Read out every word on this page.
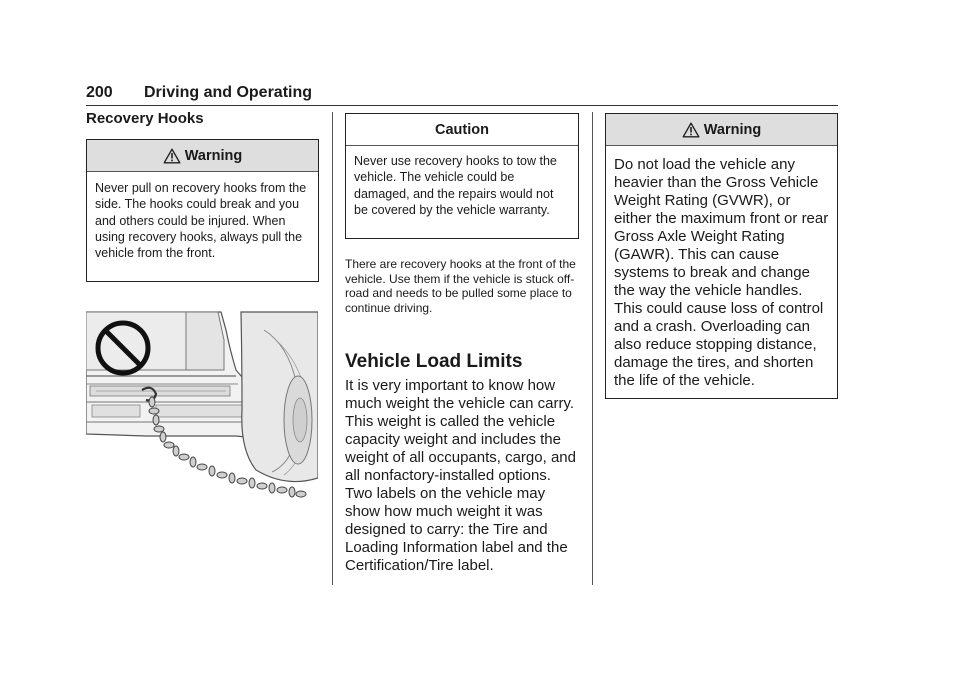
200 Driving and Operating
Recovery Hooks
Warning
Never pull on recovery hooks from the side. The hooks could break and you and others could be injured. When using recovery hooks, always pull the vehicle from the front.
Caution
Never use recovery hooks to tow the vehicle. The vehicle could be damaged, and the repairs would not be covered by the vehicle warranty.
There are recovery hooks at the front of the vehicle. Use them if the vehicle is stuck off-road and needs to be pulled some place to continue driving.
Vehicle Load Limits
It is very important to know how much weight the vehicle can carry. This weight is called the vehicle capacity weight and includes the weight of all occupants, cargo, and all nonfactory-installed options. Two labels on the vehicle may show how much weight it was designed to carry: the Tire and Loading Information label and the Certification/Tire label.
Warning
Do not load the vehicle any heavier than the Gross Vehicle Weight Rating (GVWR), or either the maximum front or rear Gross Axle Weight Rating (GAWR). This can cause systems to break and change the way the vehicle handles. This could cause loss of control and a crash. Overloading can also reduce stopping distance, damage the tires, and shorten the life of the vehicle.
